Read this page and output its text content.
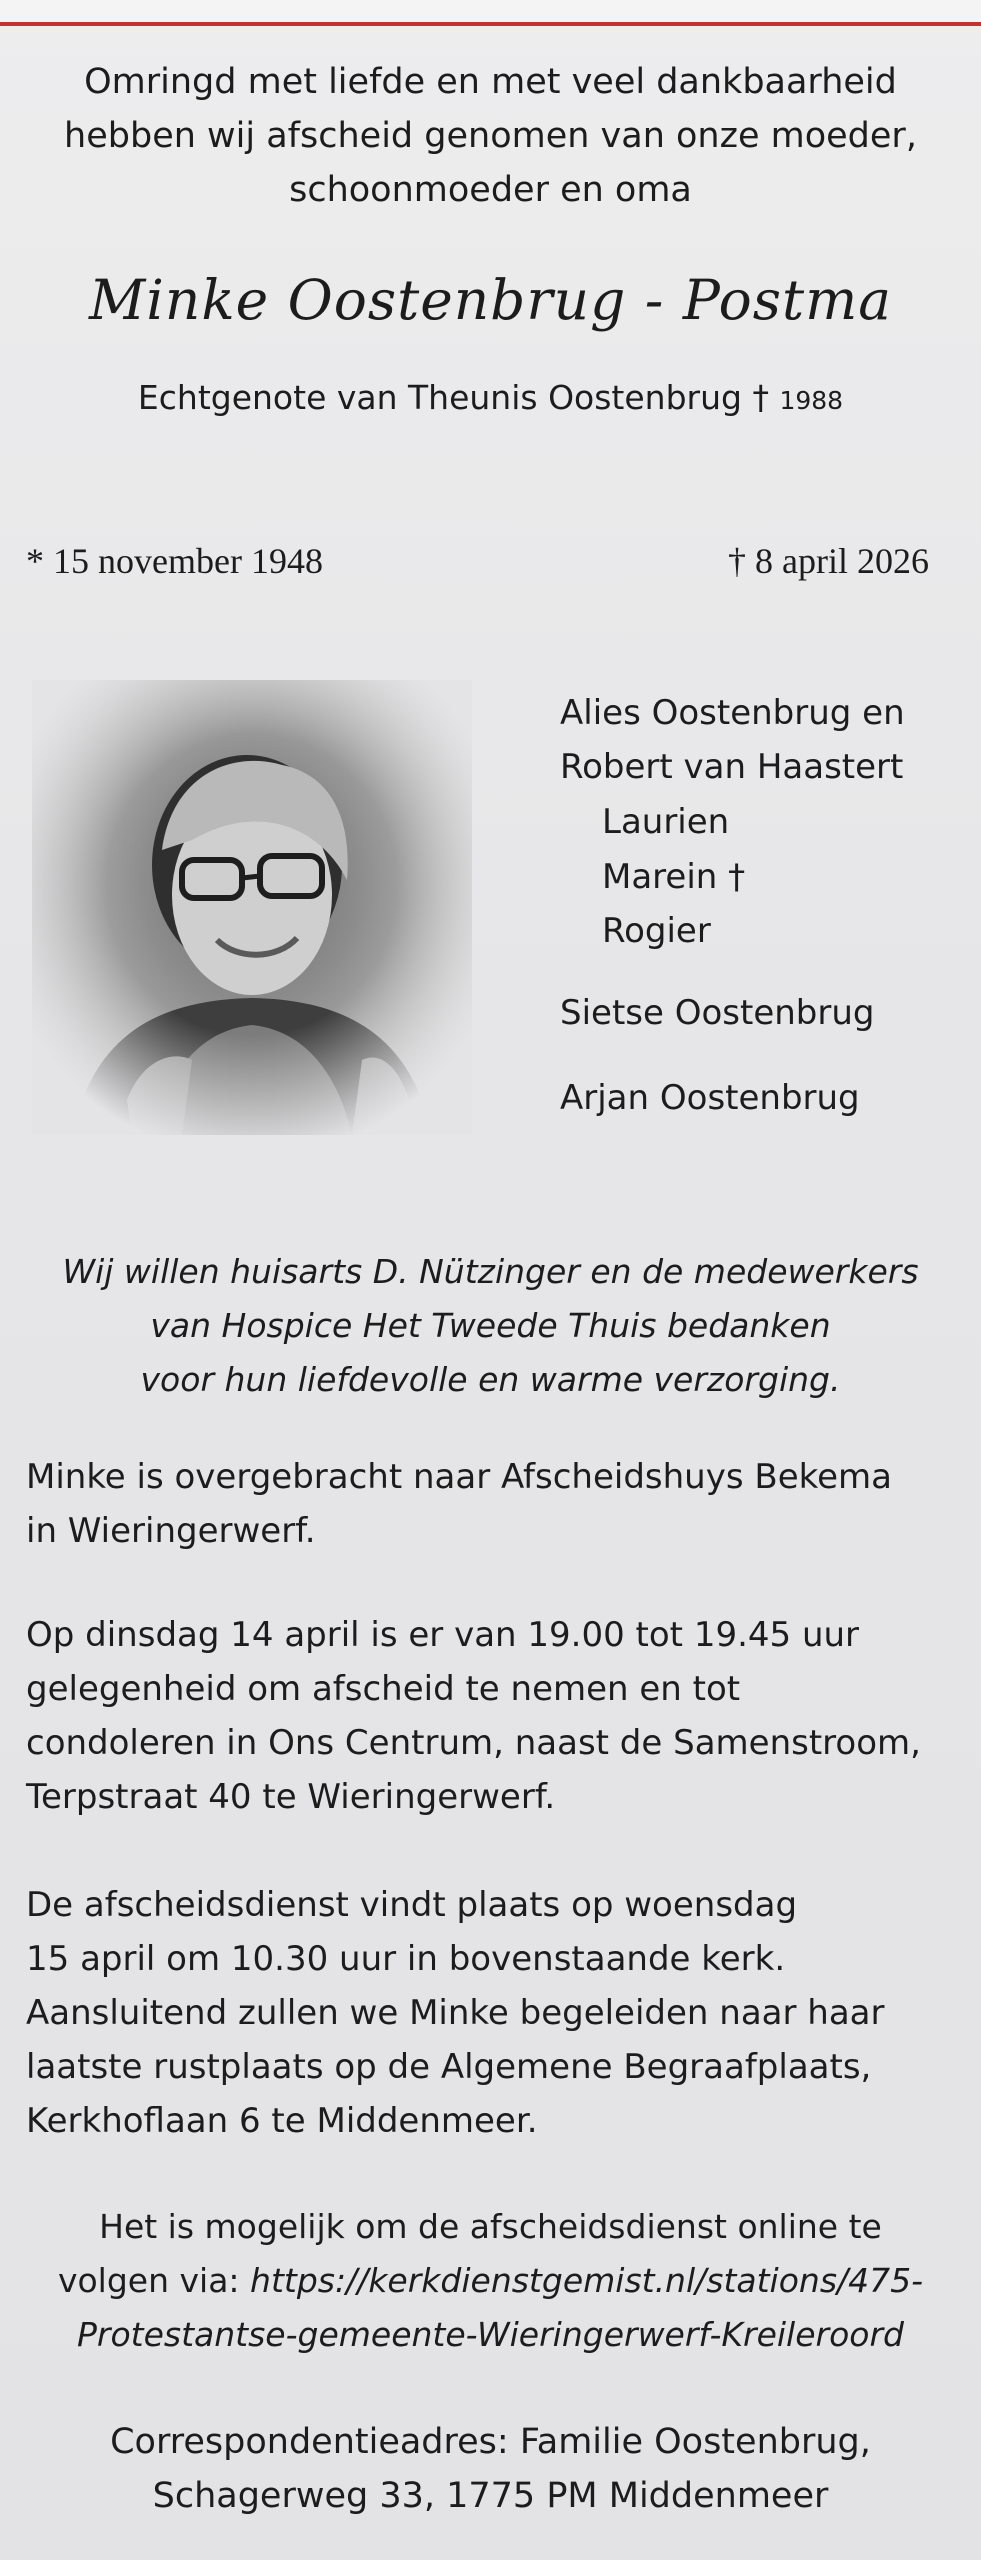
Omringd met liefde en met veel dankbaarheid
hebben wij afscheid genomen van onze moeder,
schoonmoeder en oma
Minke Oostenbrug - Postma
Echtgenote van Theunis Oostenbrug † 1988
* 15 november 1948	† 8 april 2026
Alies Oostenbrug en
Robert van Haastert
Laurien
Marein †
Rogier
Sietse Oostenbrug
Arjan Oostenbrug
Wij willen huisarts D. Nützinger en de medewerkers
van Hospice Het Tweede Thuis bedanken
voor hun liefdevolle en warme verzorging.
Minke is overgebracht naar Afscheidshuys Bekema
in Wieringerwerf.
Op dinsdag 14 april is er van 19.00 tot 19.45 uur
gelegenheid om afscheid te nemen en tot
condoleren in Ons Centrum, naast de Samenstroom,
Terpstraat 40 te Wieringerwerf.
De afscheidsdienst vindt plaats op woensdag
15 april om 10.30 uur in bovenstaande kerk.
Aansluitend zullen we Minke begeleiden naar haar
laatste rustplaats op de Algemene Begraafplaats,
Kerkhoflaan 6 te Middenmeer.
Het is mogelijk om de afscheidsdienst online te
volgen via: https://kerkdienstgemist.nl/stations/475-
Protestantse-gemeente-Wieringerwerf-Kreileroord
Correspondentieadres: Familie Oostenbrug,
Schagerweg 33, 1775 PM Middenmeer
